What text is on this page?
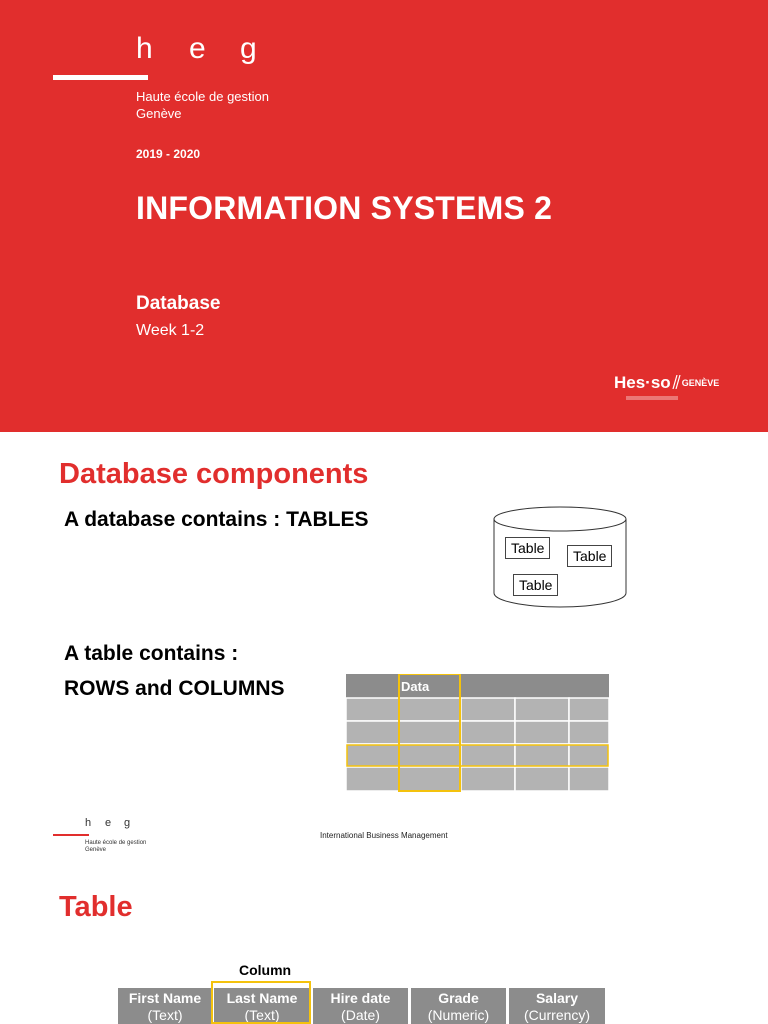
h e g
Haute école de gestion
Genève
2019 - 2020
INFORMATION SYSTEMS 2
Database
Week 1-2
Hes·so GENÈVE
Database components
A database contains : TABLES
A table contains :
ROWS and COLUMNS
Table	Table
Table
Data
h e g
Haute école de gestion
Genève
International Business Management
Table
Column
First Name
(Text)
Last Name
(Text)
Hire date
(Date)
Grade
(Numeric)
Salary
(Currency)
